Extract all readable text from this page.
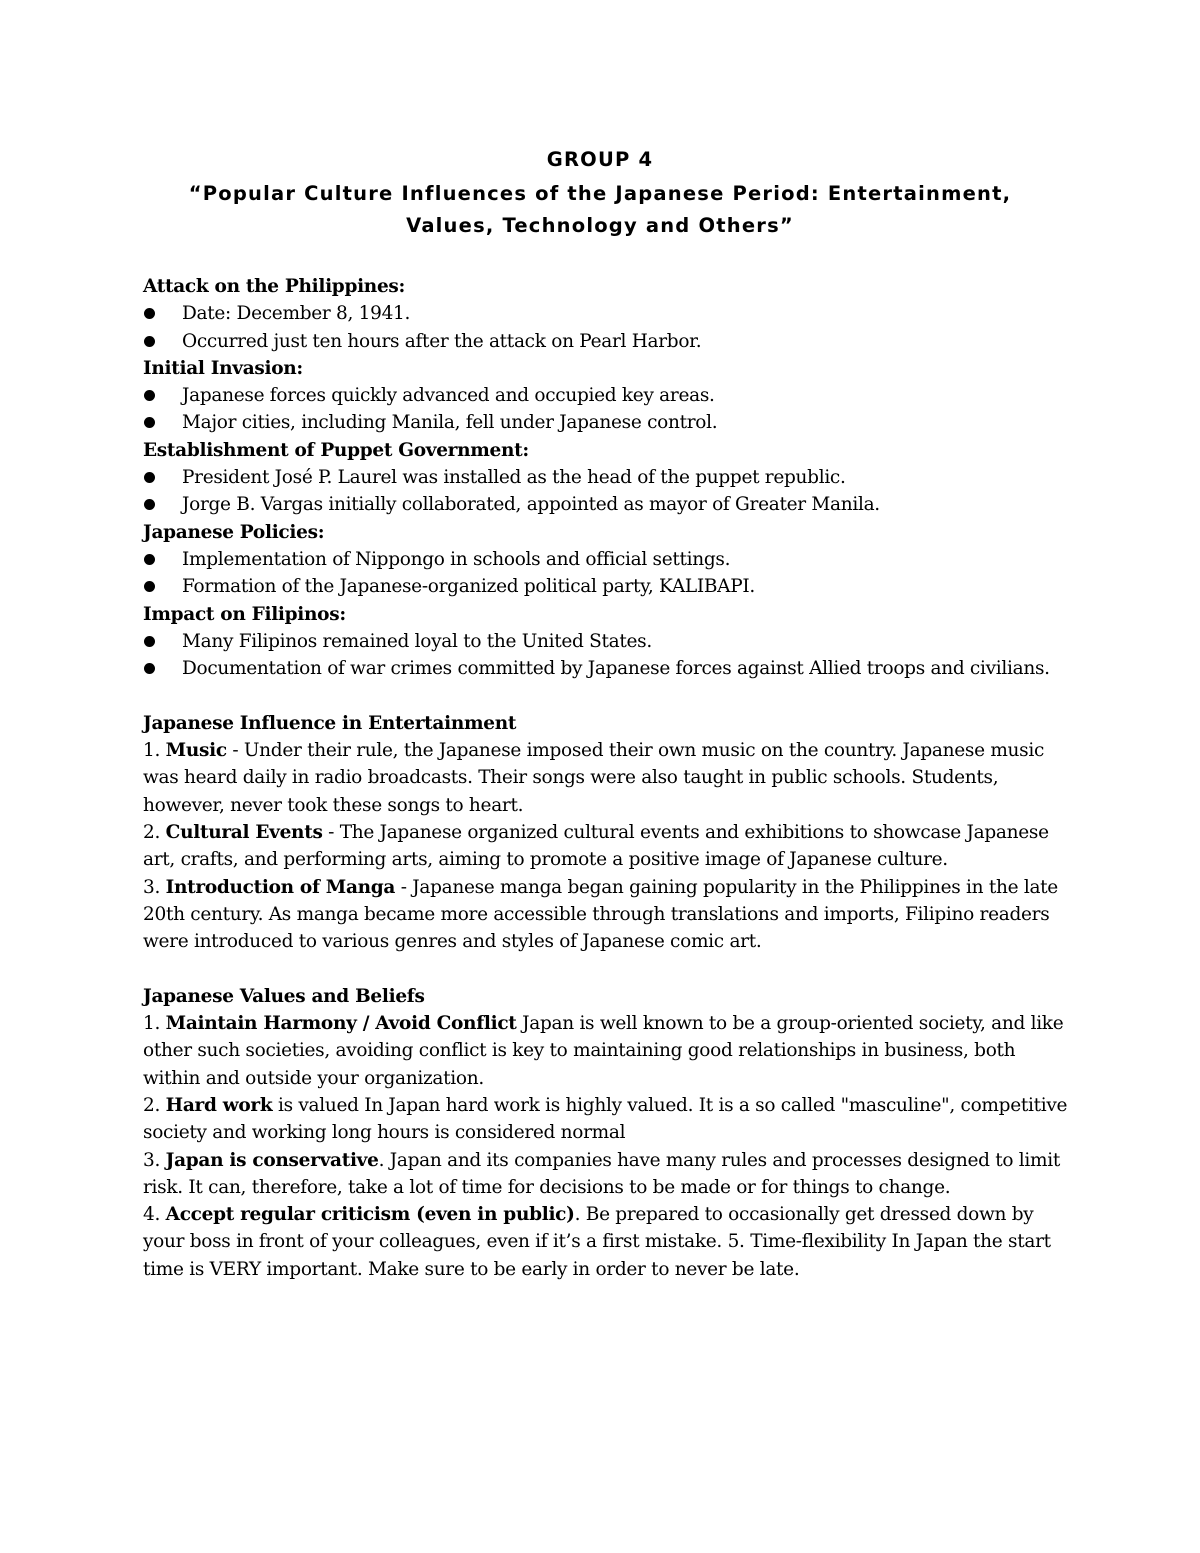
GROUP 4
“Popular Culture Influences of the Japanese Period: Entertainment,
Values, Technology and Others”

Attack on the Philippines:

Date: December 8, 1941.
Occurred just ten hours after the attack on Pearl Harbor.

Initial Invasion:

Japanese forces quickly advanced and occupied key areas.
Major cities, including Manila, fell under Japanese control.

Establishment of Puppet Government:

President José P. Laurel was installed as the head of the puppet republic.
Jorge B. Vargas initially collaborated, appointed as mayor of Greater Manila.

Japanese Policies:

Implementation of Nippongo in schools and official settings.
Formation of the Japanese-organized political party, KALIBAPI.

Impact on Filipinos:

Many Filipinos remained loyal to the United States.
Documentation of war crimes committed by Japanese forces against Allied troops and civilians.

Japanese Influence in Entertainment

1. Music - Under their rule, the Japanese imposed their own music on the country. Japanese music was heard daily in radio broadcasts. Their songs were also taught in public schools. Students, however, never took these songs to heart.

2. Cultural Events - The Japanese organized cultural events and exhibitions to showcase Japanese art, crafts, and performing arts, aiming to promote a positive image of Japanese culture.

3. Introduction of Manga - Japanese manga began gaining popularity in the Philippines in the late 20th century. As manga became more accessible through translations and imports, Filipino readers were introduced to various genres and styles of Japanese comic art.

Japanese Values and Beliefs

1. Maintain Harmony / Avoid Conflict Japan is well known to be a group-oriented society, and like other such societies, avoiding conflict is key to maintaining good relationships in business, both within and outside your organization.

2. Hard work is valued In Japan hard work is highly valued. It is a so called "masculine", competitive society and working long hours is considered normal

3. Japan is conservative. Japan and its companies have many rules and processes designed to limit risk. It can, therefore, take a lot of time for decisions to be made or for things to change.

4. Accept regular criticism (even in public). Be prepared to occasionally get dressed down by your boss in front of your colleagues, even if it’s a first mistake. 5. Time-flexibility In Japan the start time is VERY important. Make sure to be early in order to never be late.
